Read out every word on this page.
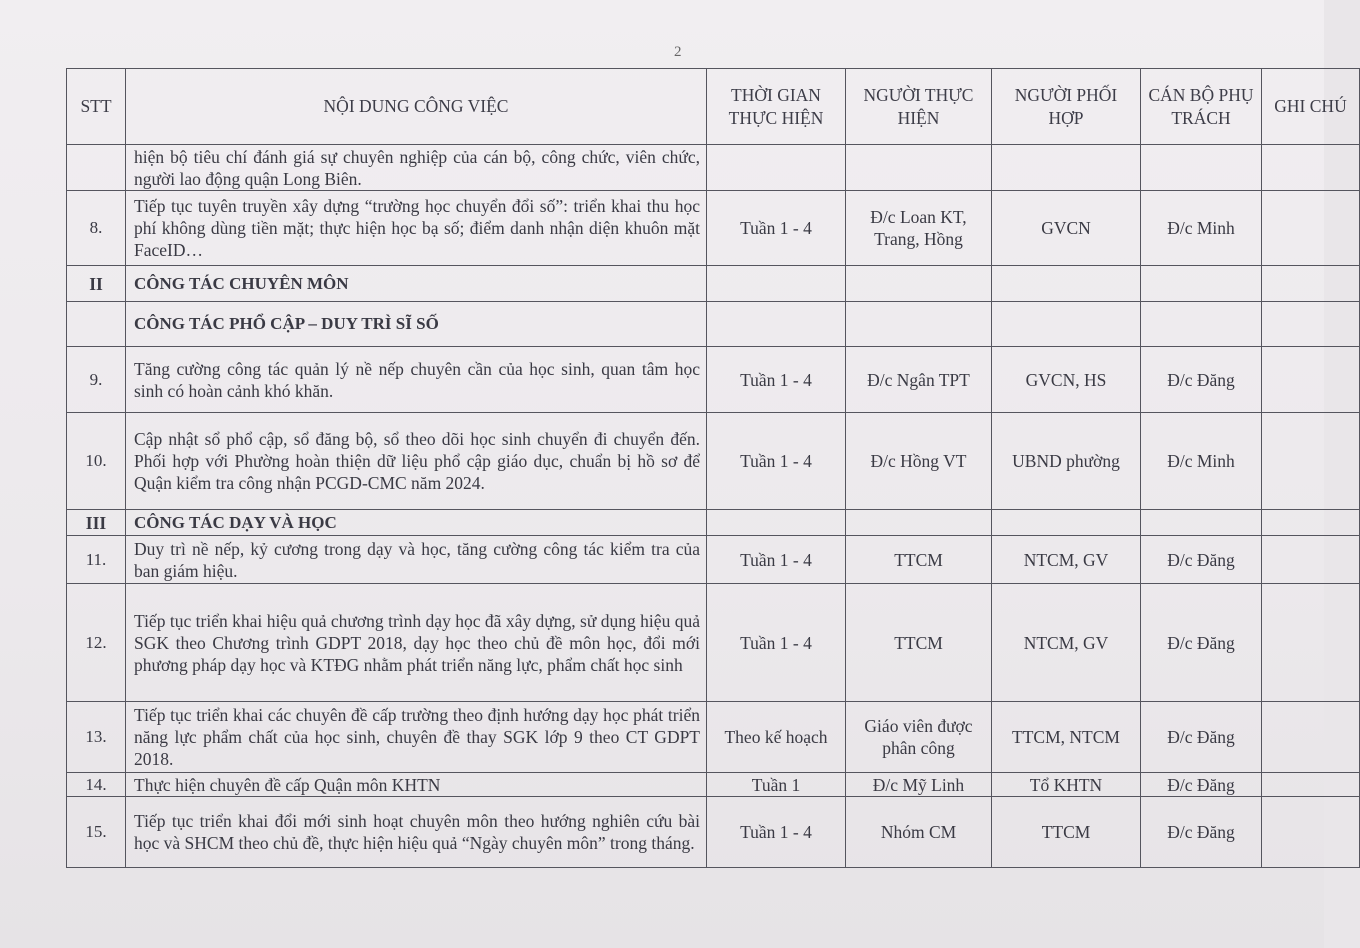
2
STT	NỘI DUNG CÔNG VIỆC	THỜI GIAN THỰC HIỆN	NGƯỜI THỰC HIỆN	NGƯỜI PHỐI HỢP	CÁN BỘ PHỤ TRÁCH	GHI CHÚ
	hiện bộ tiêu chí đánh giá sự chuyên nghiệp của cán bộ, công chức, viên chức, người lao động quận Long Biên.					
8.	Tiếp tục tuyên truyền xây dựng “trường học chuyển đổi số”: triển khai thu học phí không dùng tiền mặt; thực hiện học bạ số; điểm danh nhận diện khuôn mặt FaceID…	Tuần 1 - 4	Đ/c Loan KT, Trang, Hồng	GVCN	Đ/c Minh	
II	CÔNG TÁC CHUYÊN MÔN					
	CÔNG TÁC PHỔ CẬP – DUY TRÌ SĨ SỐ					
9.	Tăng cường công tác quản lý nề nếp chuyên cần của học sinh, quan tâm học sinh có hoàn cảnh khó khăn.	Tuần 1 - 4	Đ/c Ngân TPT	GVCN, HS	Đ/c Đăng	
10.	Cập nhật sổ phổ cập, sổ đăng bộ, sổ theo dõi học sinh chuyển đi chuyển đến. Phối hợp với Phường hoàn thiện dữ liệu phổ cập giáo dục, chuẩn bị hồ sơ để Quận kiểm tra công nhận PCGD-CMC năm 2024.	Tuần 1 - 4	Đ/c Hồng VT	UBND phường	Đ/c Minh	
III	CÔNG TÁC DẠY VÀ HỌC					
11.	Duy trì nề nếp, kỷ cương trong dạy và học, tăng cường công tác kiểm tra của ban giám hiệu.	Tuần 1 - 4	TTCM	NTCM, GV	Đ/c Đăng	
12.	Tiếp tục triển khai hiệu quả chương trình dạy học đã xây dựng, sử dụng hiệu quả SGK theo Chương trình GDPT 2018, dạy học theo chủ đề môn học, đổi mới phương pháp dạy học và KTĐG nhằm phát triển năng lực, phẩm chất học sinh	Tuần 1 - 4	TTCM	NTCM, GV	Đ/c Đăng	
13.	Tiếp tục triển khai các chuyên đề cấp trường theo định hướng dạy học phát triển năng lực phẩm chất của học sinh, chuyên đề thay SGK lớp 9 theo CT GDPT 2018.	Theo kế hoạch	Giáo viên được phân công	TTCM, NTCM	Đ/c Đăng	
14.	Thực hiện chuyên đề cấp Quận môn KHTN	Tuần 1	Đ/c Mỹ Linh	Tổ KHTN	Đ/c Đăng	
15.	Tiếp tục triển khai đổi mới sinh hoạt chuyên môn theo hướng nghiên cứu bài học và SHCM theo chủ đề, thực hiện hiệu quả “Ngày chuyên môn” trong tháng.	Tuần 1 - 4	Nhóm CM	TTCM	Đ/c Đăng	
